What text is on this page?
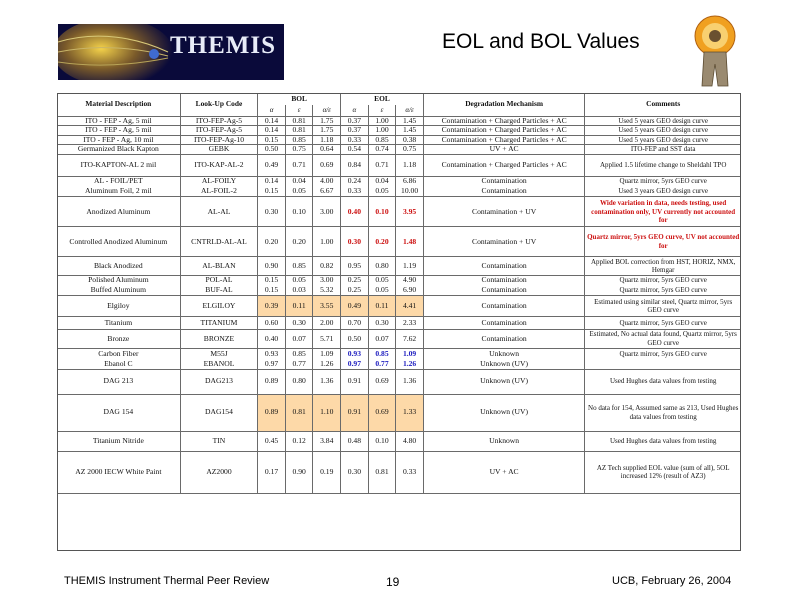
THEMIS	EOL and BOL Values
Material Description	Look-Up Code	BOL			EOL			Degradation Mechanism	Comments
		α	ε	α/ε	α	ε	α/ε		
ITO - FEP - Ag, 5 mil	ITO-FEP-Ag-5	0.14	0.81	1.75	0.37	1.00	1.45	Contamination + Charged Particles + AC	Used 5 years GEO design curve
ITO - FEP - Ag, 5 mil	ITO-FEP-Ag-5	0.14	0.81	1.75	0.37	1.00	1.45	Contamination + Charged Particles + AC	Used 5 years GEO design curve
ITO - FEP - Ag, 10 mil	ITO-FEP-Ag-10	0.15	0.85	1.18	0.33	0.85	0.38	Contamination + Charged Particles + AC	Used 5 years GEO design curve
Germanized Black Kapton	GEBK	0.50	0.75	0.64	0.54	0.74	0.75	UV + AC	ITO-FEP and SST data
ITO-KAPTON-AL 2 mil	ITO-KAP-AL-2	0.49	0.71	0.69	0.84	0.71	1.18	Contamination + Charged Particles + AC	Applied 1.5 lifetime change to Sheldahl TPO
AL - FOIL/PET	AL-FOILY	0.14	0.04	4.00	0.24	0.04	6.86	Contamination	Quartz mirror, 5yrs GEO curve
Aluminum Foil, 2 mil	AL-FOIL-2	0.15	0.05	6.67	0.33	0.05	10.00	Contamination	Used 3 years GEO design curve
Anodized Aluminum	AL-AL	0.30	0.10	3.00	0.40	0.10	3.95	Contamination + UV	Wide variation in data, needs testing, used contamination only, UV currently not accounted for
Controlled Anodized Aluminum	CNTRLD-AL-AL	0.20	0.20	1.00	0.30	0.20	1.48	Contamination + UV	Quartz mirror, 5yrs GEO curve, UV not accounted for
Black Anodized	AL-BLAN	0.90	0.85	0.82	0.95	0.80	1.19	Contamination	Applied BOL correction from HST, HORIZ, NMX, Hemgar
Polished Aluminum	POL-AL	0.15	0.05	3.00	0.25	0.05	4.90	Contamination	Quartz mirror, 5yrs GEO curve
Buffed Aluminum	BUF-AL	0.15	0.03	5.32	0.25	0.05	6.90	Contamination	Quartz mirror, 5yrs GEO curve
Elgiloy	ELGILOY	0.39	0.11	3.55	0.49	0.11	4.41	Contamination	Estimated using similar steel, Quartz mirror, 5yrs GEO curve
Titanium	TITANIUM	0.60	0.30	2.00	0.70	0.30	2.33	Contamination	Quartz mirror, 5yrs GEO curve
Bronze	BRONZE	0.40	0.07	5.71	0.50	0.07	7.62	Contamination	Estimated, No actual data found, Quartz mirror, 5yrs GEO curve
Carbon Fiber	M55J	0.93	0.85	1.09	0.93	0.85	1.09	Unknown	Quartz mirror, 5yrs GEO curve
Ebanol C	EBANOL	0.97	0.77	1.26	0.97	0.77	1.26	Unknown (UV)	
DAG 213	DAG213	0.89	0.80	1.36	0.91	0.69	1.36	Unknown (UV)	Used Hughes data values from testing
DAG 154	DAG154	0.89	0.81	1.10	0.91	0.69	1.33	Unknown (UV)	No data for 154, Assumed same as 213, Used Hughes data values from testing
Titanium Nitride	TIN	0.45	0.12	3.84	0.48	0.10	4.80	Unknown	Used Hughes data values from testing
AZ 2000 IECW White Paint	AZ2000	0.17	0.90	0.19	0.30	0.81	0.33	UV + AC	AZ Tech supplied EOL value (sum of all), 5OL increased 12% (result of AZ3)
THEMIS Instrument Thermal Peer Review	19	UCB, February 26, 2004
